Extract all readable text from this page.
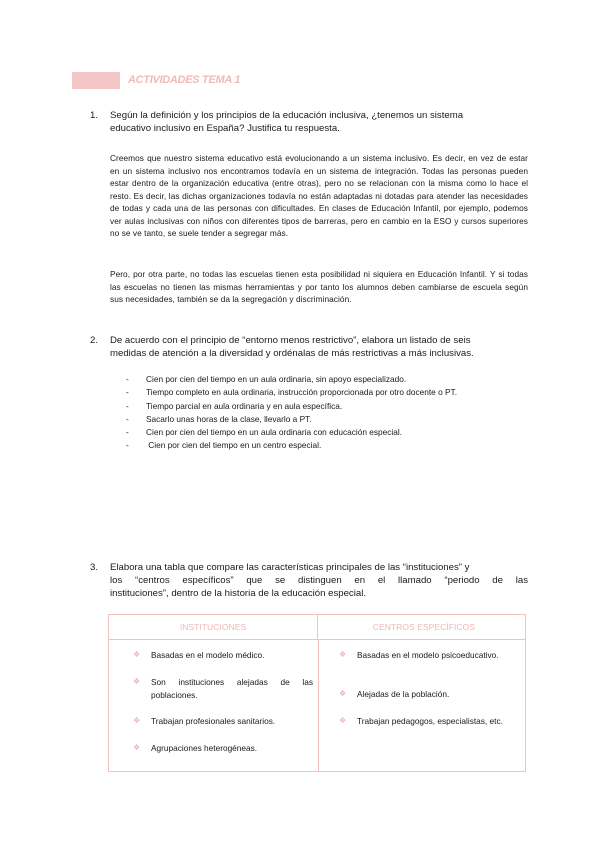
ACTIVIDADES TEMA 1
1. Según la definición y los principios de la educación inclusiva, ¿tenemos un sistema
educativo inclusivo en España? Justifica tu respuesta.
Creemos que nuestro sistema educativo está evolucionando a un sistema inclusivo. Es decir, en vez de estar en un sistema inclusivo nos encontramos todavía en un sistema de integración. Todas las personas pueden estar dentro de la organización educativa (entre otras), pero no se relacionan con la misma como lo hace el resto. Es decir, las dichas organizaciones todavía no están adaptadas ni dotadas para atender las necesidades de todas y cada una de las personas con dificultades. En clases de Educación Infantil, por ejemplo, podemos ver aulas inclusivas con niños con diferentes tipos de barreras, pero en cambio en la ESO y cursos superiores no se ve tanto, se suele tender a segregar más.
Pero, por otra parte, no todas las escuelas tienen esta posibilidad ni siquiera en Educación Infantil. Y si todas las escuelas no tienen las mismas herramientas y por tanto los alumnos deben cambiarse de escuela según sus necesidades, también se da la segregación y discriminación.
2. De acuerdo con el principio de “entorno menos restrictivo”, elabora un listado de seis
medidas de atención a la diversidad y ordénalas de más restrictivas a más inclusivas.
- Cien por cien del tiempo en un aula ordinaria, sin apoyo especializado.
- Tiempo completo en aula ordinaria, instrucción proporcionada por otro docente o PT.
- Tiempo parcial en aula ordinaria y en aula específica.
- Sacarlo unas horas de la clase, llevarlo a PT.
- Cien por cien del tiempo en un aula ordinaria con educación especial.
- Cien por cien del tiempo en un centro especial.
3. Elabora una tabla que compare las características principales de las “instituciones” y
los “centros específicos” que se distinguen en el llamado “periodo de las
instituciones”, dentro de la historia de la educación especial.
INSTITUCIONES	. CENTROS ESPECÍFICOS
❖ Basadas en el modelo médico.
❖ Son instituciones alejadas de las poblaciones.
❖ Trabajan profesionales sanitarios.
❖ Agrupaciones heterogéneas.
❖ Basadas en el modelo psicoeducativo.
❖ Alejadas de la población.
❖ Trabajan pedagogos, especialistas, etc.
